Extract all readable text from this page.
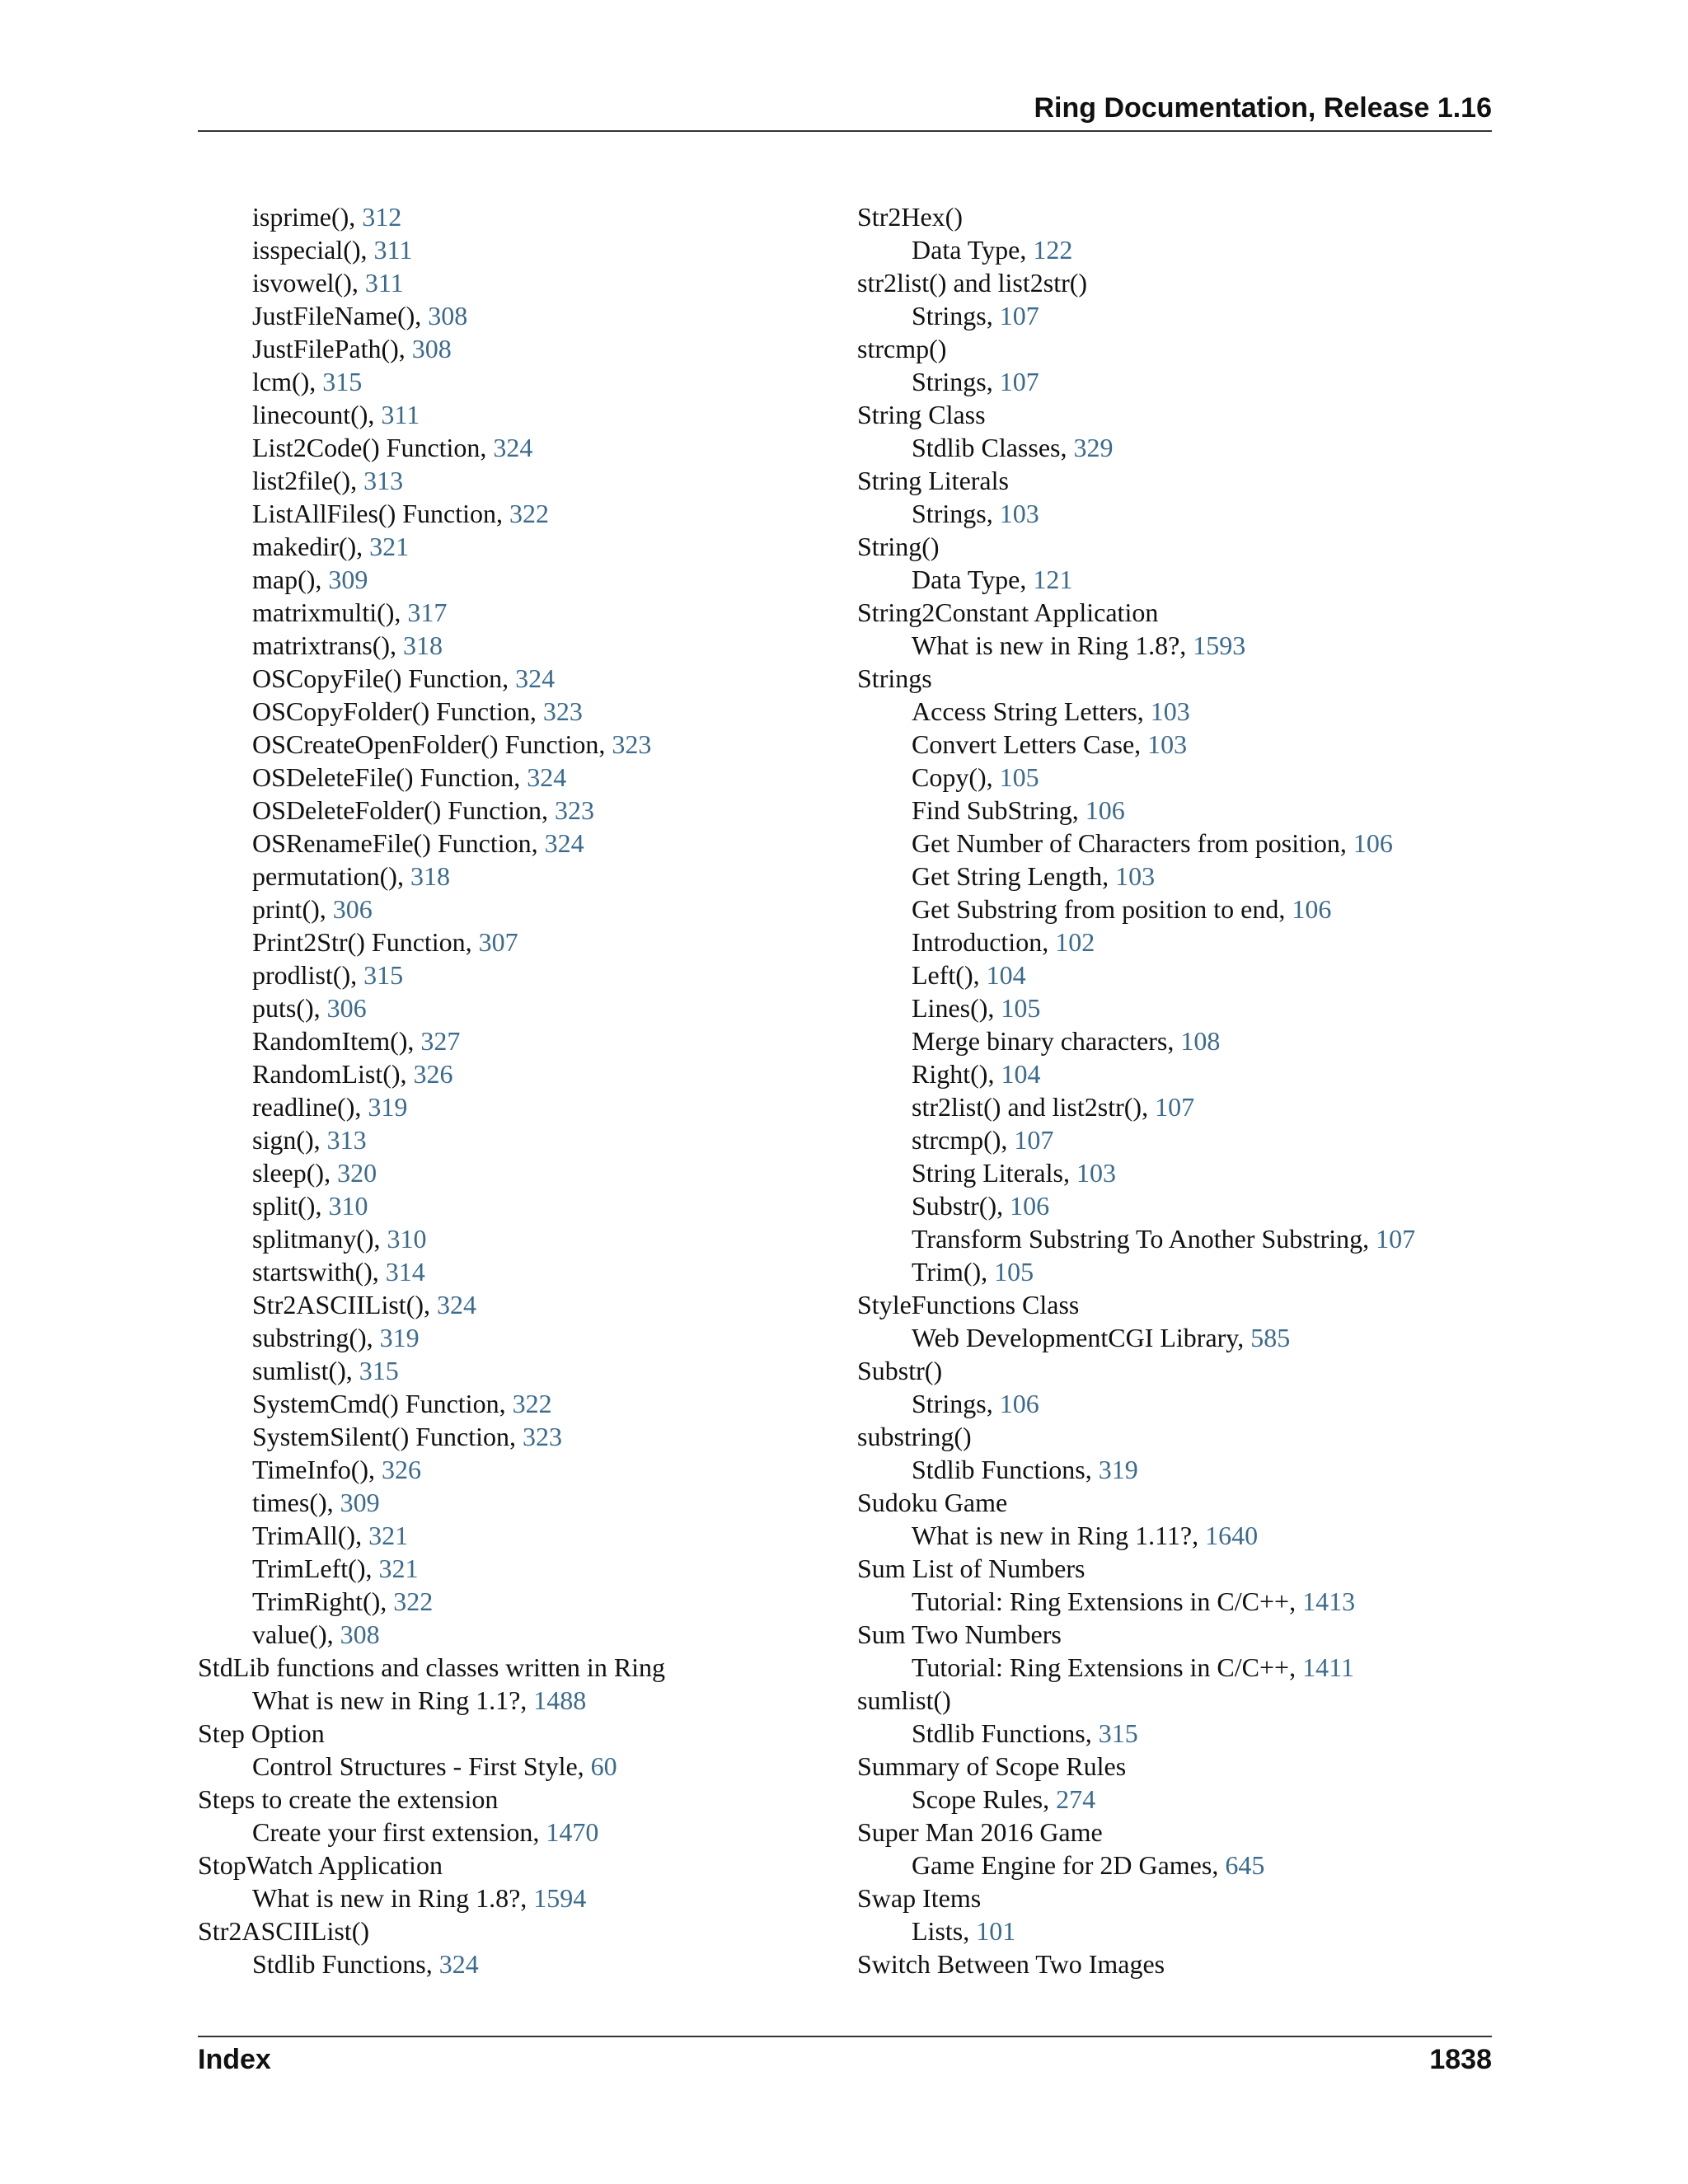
Ring Documentation, Release 1.16
isprime(), 312
isspecial(), 311
isvowel(), 311
JustFileName(), 308
JustFilePath(), 308
lcm(), 315
linecount(), 311
List2Code() Function, 324
list2file(), 313
ListAllFiles() Function, 322
makedir(), 321
map(), 309
matrixmulti(), 317
matrixtrans(), 318
OSCopyFile() Function, 324
OSCopyFolder() Function, 323
OSCreateOpenFolder() Function, 323
OSDeleteFile() Function, 324
OSDeleteFolder() Function, 323
OSRenameFile() Function, 324
permutation(), 318
print(), 306
Print2Str() Function, 307
prodlist(), 315
puts(), 306
RandomItem(), 327
RandomList(), 326
readline(), 319
sign(), 313
sleep(), 320
split(), 310
splitmany(), 310
startswith(), 314
Str2ASCIIList(), 324
substring(), 319
sumlist(), 315
SystemCmd() Function, 322
SystemSilent() Function, 323
TimeInfo(), 326
times(), 309
TrimAll(), 321
TrimLeft(), 321
TrimRight(), 322
value(), 308
StdLib functions and classes written in Ring
What is new in Ring 1.1?, 1488
Step Option
Control Structures - First Style, 60
Steps to create the extension
Create your first extension, 1470
StopWatch Application
What is new in Ring 1.8?, 1594
Str2ASCIIList()
Stdlib Functions, 324
Str2Hex()
Data Type, 122
str2list() and list2str()
Strings, 107
strcmp()
Strings, 107
String Class
Stdlib Classes, 329
String Literals
Strings, 103
String()
Data Type, 121
String2Constant Application
What is new in Ring 1.8?, 1593
Strings
Access String Letters, 103
Convert Letters Case, 103
Copy(), 105
Find SubString, 106
Get Number of Characters from position, 106
Get String Length, 103
Get Substring from position to end, 106
Introduction, 102
Left(), 104
Lines(), 105
Merge binary characters, 108
Right(), 104
str2list() and list2str(), 107
strcmp(), 107
String Literals, 103
Substr(), 106
Transform Substring To Another Substring, 107
Trim(), 105
StyleFunctions Class
Web DevelopmentCGI Library, 585
Substr()
Strings, 106
substring()
Stdlib Functions, 319
Sudoku Game
What is new in Ring 1.11?, 1640
Sum List of Numbers
Tutorial: Ring Extensions in C/C++, 1413
Sum Two Numbers
Tutorial: Ring Extensions in C/C++, 1411
sumlist()
Stdlib Functions, 315
Summary of Scope Rules
Scope Rules, 274
Super Man 2016 Game
Game Engine for 2D Games, 645
Swap Items
Lists, 101
Switch Between Two Images
Index	1838
